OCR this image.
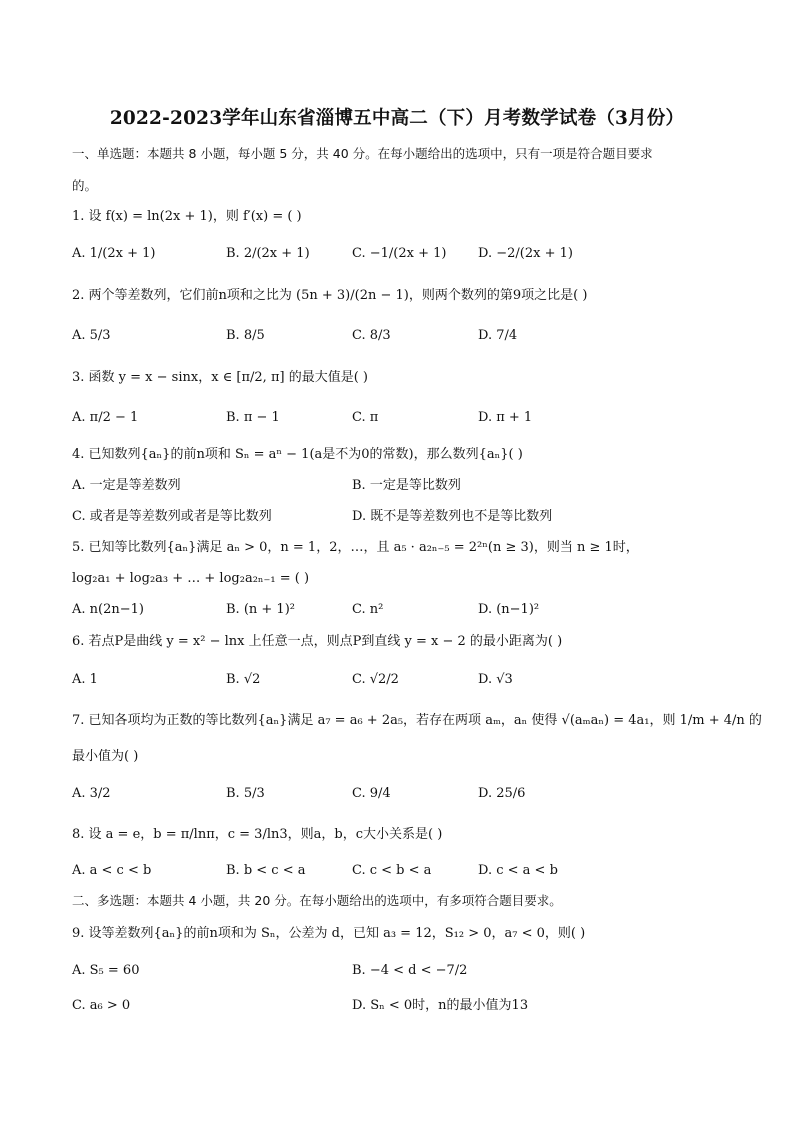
2022-2023学年山东省淄博五中高二（下）月考数学试卷（3月份）
一、单选题：本题共 8 小题，每小题 5 分，共 40 分。在每小题给出的选项中，只有一项是符合题目要求
的。
1. 设 f(x) = ln(2x + 1)，则 f′(x) = ( )
A. 1/(2x + 1)	B. 2/(2x + 1)	C. −1/(2x + 1) D. −2/(2x + 1)
2. 两个等差数列，它们前n项和之比为 (5n + 3)/(2n − 1)，则两个数列的第9项之比是( )
A. 5/3	B. 8/5	C. 8/3	D. 7/4
3. 函数 y = x − sinx，x ∈ [π/2, π] 的最大值是( )
A. π/2 − 1	B. π − 1	C. π	D. π + 1
4. 已知数列{aₙ}的前n项和 Sₙ = aⁿ − 1(a是不为0的常数)，那么数列{aₙ}( )
A. 一定是等差数列	B. 一定是等比数列
C. 或者是等差数列或者是等比数列	D. 既不是等差数列也不是等比数列
5. 已知等比数列{aₙ}满足 aₙ > 0，n = 1，2，…，且 a₅ · a₂ₙ₋₅ = 2²ⁿ(n ≥ 3)，则当 n ≥ 1时，
log₂a₁ + log₂a₃ + … + log₂a₂ₙ₋₁ = ( )
A. n(2n−1)	B. (n + 1)²	C. n²	D. (n−1)²
6. 若点P是曲线 y = x² − lnx 上任意一点，则点P到直线 y = x − 2 的最小距离为( )
A. 1	B. √2	C. √2/2	D. √3
7. 已知各项均为正数的等比数列{aₙ}满足 a₇ = a₆ + 2a₅，若存在两项 aₘ，aₙ 使得 √(aₘaₙ) = 4a₁，则 1/m + 4/n 的
最小值为( )
A. 3/2	B. 5/3	C. 9/4	D. 25/6
8. 设 a = e，b = π/lnπ，c = 3/ln3，则a，b，c大小关系是( )
A. a < c < b	B. b < c < a	C. c < b < a	D. c < a < b
二、多选题：本题共 4 小题，共 20 分。在每小题给出的选项中，有多项符合题目要求。
9. 设等差数列{aₙ}的前n项和为 Sₙ，公差为 d，已知 a₃ = 12，S₁₂ > 0，a₇ < 0，则( )
A. S₅ = 60	B. −4 < d < −7/2
C. a₆ > 0	D. Sₙ < 0时，n的最小值为13
